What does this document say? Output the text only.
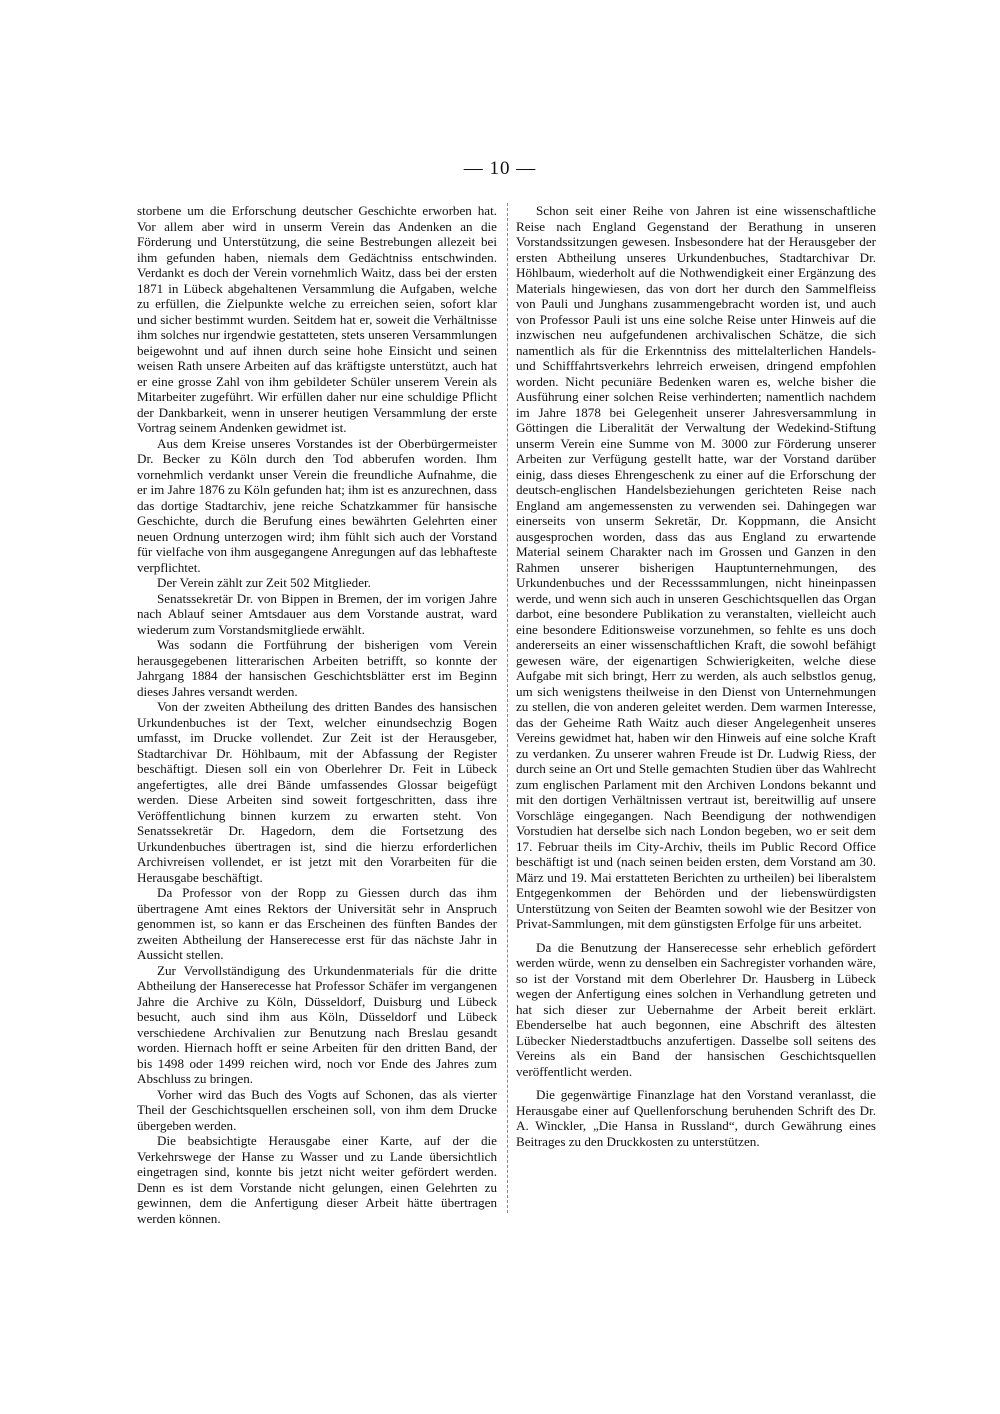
— 10 —

storbene um die Erforschung deutscher Geschichte erworben hat. Vor allem aber wird in unserm Verein das Andenken an die Förderung und Unterstützung, die seine Bestrebungen allezeit bei ihm gefunden haben, niemals dem Gedächtniss entschwinden. Verdankt es doch der Verein vornehmlich Waitz, dass bei der ersten 1871 in Lübeck abgehaltenen Versammlung die Aufgaben, welche zu erfüllen, die Zielpunkte welche zu erreichen seien, sofort klar und sicher bestimmt wurden. Seitdem hat er, soweit die Verhältnisse ihm solches nur irgendwie gestatteten, stets unseren Versammlungen beigewohnt und auf ihnen durch seine hohe Einsicht und seinen weisen Rath unsere Arbeiten auf das kräftigste unterstützt, auch hat er eine grosse Zahl von ihm gebildeter Schüler unserem Verein als Mitarbeiter zugeführt. Wir erfüllen daher nur eine schuldige Pflicht der Dankbarkeit, wenn in unserer heutigen Versammlung der erste Vortrag seinem Andenken gewidmet ist.

Aus dem Kreise unseres Vorstandes ist der Oberbürgermeister Dr. Becker zu Köln durch den Tod abberufen worden. Ihm vornehmlich verdankt unser Verein die freundliche Aufnahme, die er im Jahre 1876 zu Köln gefunden hat; ihm ist es anzurechnen, dass das dortige Stadtarchiv, jene reiche Schatzkammer für hansische Geschichte, durch die Berufung eines bewährten Gelehrten einer neuen Ordnung unterzogen wird; ihm fühlt sich auch der Vorstand für vielfache von ihm ausgegangene Anregungen auf das lebhafteste verpflichtet.

Der Verein zählt zur Zeit 502 Mitglieder.

Senatssekretär Dr. von Bippen in Bremen, der im vorigen Jahre nach Ablauf seiner Amtsdauer aus dem Vorstande austrat, ward wiederum zum Vorstandsmitgliede erwählt.

Was sodann die Fortführung der bisherigen vom Verein herausgegebenen litterarischen Arbeiten betrifft, so konnte der Jahrgang 1884 der hansischen Geschichtsblätter erst im Beginn dieses Jahres versandt werden.

Von der zweiten Abtheilung des dritten Bandes des hansischen Urkundenbuches ist der Text, welcher einundsechzig Bogen umfasst, im Drucke vollendet. Zur Zeit ist der Herausgeber, Stadtarchivar Dr. Höhlbaum, mit der Abfassung der Register beschäftigt. Diesen soll ein von Oberlehrer Dr. Feit in Lübeck angefertigtes, alle drei Bände umfassendes Glossar beigefügt werden. Diese Arbeiten sind soweit fortgeschritten, dass ihre Veröffentlichung binnen kurzem zu erwarten steht. Von Senatssekretär Dr. Hagedorn, dem die Fortsetzung des Urkundenbuches übertragen ist, sind die hierzu erforderlichen Archivreisen vollendet, er ist jetzt mit den Vorarbeiten für die Herausgabe beschäftigt.

Da Professor von der Ropp zu Giessen durch das ihm übertragene Amt eines Rektors der Universität sehr in Anspruch genommen ist, so kann er das Erscheinen des fünften Bandes der zweiten Abtheilung der Hanserecesse erst für das nächste Jahr in Aussicht stellen.

Zur Vervollständigung des Urkundenmaterials für die dritte Abtheilung der Hanserecesse hat Professor Schäfer im vergangenen Jahre die Archive zu Köln, Düsseldorf, Duisburg und Lübeck besucht, auch sind ihm aus Köln, Düsseldorf und Lübeck verschiedene Archivalien zur Benutzung nach Breslau gesandt worden. Hiernach hofft er seine Arbeiten für den dritten Band, der bis 1498 oder 1499 reichen wird, noch vor Ende des Jahres zum Abschluss zu bringen.

Vorher wird das Buch des Vogts auf Schonen, das als vierter Theil der Geschichtsquellen erscheinen soll, von ihm dem Drucke übergeben werden.

Die beabsichtigte Herausgabe einer Karte, auf der die Verkehrswege der Hanse zu Wasser und zu Lande übersichtlich eingetragen sind, konnte bis jetzt nicht weiter gefördert werden. Denn es ist dem Vorstande nicht gelungen, einen Gelehrten zu gewinnen, dem die Anfertigung dieser Arbeit hätte übertragen werden können.

Schon seit einer Reihe von Jahren ist eine wissenschaftliche Reise nach England Gegenstand der Berathung in unseren Vorstandssitzungen gewesen. Insbesondere hat der Herausgeber der ersten Abtheilung unseres Urkundenbuches, Stadtarchivar Dr. Höhlbaum, wiederholt auf die Nothwendigkeit einer Ergänzung des Materials hingewiesen, das von dort her durch den Sammelfleiss von Pauli und Junghans zusammengebracht worden ist, und auch von Professor Pauli ist uns eine solche Reise unter Hinweis auf die inzwischen neu aufgefundenen archivalischen Schätze, die sich namentlich als für die Erkenntniss des mittelalterlichen Handels- und Schifffahrtsverkehrs lehrreich erweisen, dringend empfohlen worden. Nicht pecuniäre Bedenken waren es, welche bisher die Ausführung einer solchen Reise verhinderten; namentlich nachdem im Jahre 1878 bei Gelegenheit unserer Jahresversammlung in Göttingen die Liberalität der Verwaltung der Wedekind-Stiftung unserm Verein eine Summe von M. 3000 zur Förderung unserer Arbeiten zur Verfügung gestellt hatte, war der Vorstand darüber einig, dass dieses Ehrengeschenk zu einer auf die Erforschung der deutsch-englischen Handelsbeziehungen gerichteten Reise nach England am angemessensten zu verwenden sei. Dahingegen war einerseits von unserm Sekretär, Dr. Koppmann, die Ansicht ausgesprochen worden, dass das aus England zu erwartende Material seinem Charakter nach im Grossen und Ganzen in den Rahmen unserer bisherigen Hauptunternehmungen, des Urkundenbuches und der Recesssammlungen, nicht hineinpassen werde, und wenn sich auch in unseren Geschichtsquellen das Organ darbot, eine besondere Publikation zu veranstalten, vielleicht auch eine besondere Editionsweise vorzunehmen, so fehlte es uns doch andererseits an einer wissenschaftlichen Kraft, die sowohl befähigt gewesen wäre, der eigenartigen Schwierigkeiten, welche diese Aufgabe mit sich bringt, Herr zu werden, als auch selbstlos genug, um sich wenigstens theilweise in den Dienst von Unternehmungen zu stellen, die von anderen geleitet werden. Dem warmen Interesse, das der Geheime Rath Waitz auch dieser Angelegenheit unseres Vereins gewidmet hat, haben wir den Hinweis auf eine solche Kraft zu verdanken. Zu unserer wahren Freude ist Dr. Ludwig Riess, der durch seine an Ort und Stelle gemachten Studien über das Wahlrecht zum englischen Parlament mit den Archiven Londons bekannt und mit den dortigen Verhältnissen vertraut ist, bereitwillig auf unsere Vorschläge eingegangen. Nach Beendigung der nothwendigen Vorstudien hat derselbe sich nach London begeben, wo er seit dem 17. Februar theils im City-Archiv, theils im Public Record Office beschäftigt ist und (nach seinen beiden ersten, dem Vorstand am 30. März und 19. Mai erstatteten Berichten zu urtheilen) bei liberalstem Entgegenkommen der Behörden und der liebenswürdigsten Unterstützung von Seiten der Beamten sowohl wie der Besitzer von Privat-Sammlungen, mit dem günstigsten Erfolge für uns arbeitet.

Da die Benutzung der Hanserecesse sehr erheblich gefördert werden würde, wenn zu denselben ein Sachregister vorhanden wäre, so ist der Vorstand mit dem Oberlehrer Dr. Hausberg in Lübeck wegen der Anfertigung eines solchen in Verhandlung getreten und hat sich dieser zur Uebernahme der Arbeit bereit erklärt. Ebenderselbe hat auch begonnen, eine Abschrift des ältesten Lübecker Niederstadtbuchs anzufertigen. Dasselbe soll seitens des Vereins als ein Band der hansischen Geschichtsquellen veröffentlicht werden.

Die gegenwärtige Finanzlage hat den Vorstand veranlasst, die Herausgabe einer auf Quellenforschung beruhenden Schrift des Dr. A. Winckler, „Die Hansa in Russland“, durch Gewährung eines Beitrages zu den Druckkosten zu unterstützen.
